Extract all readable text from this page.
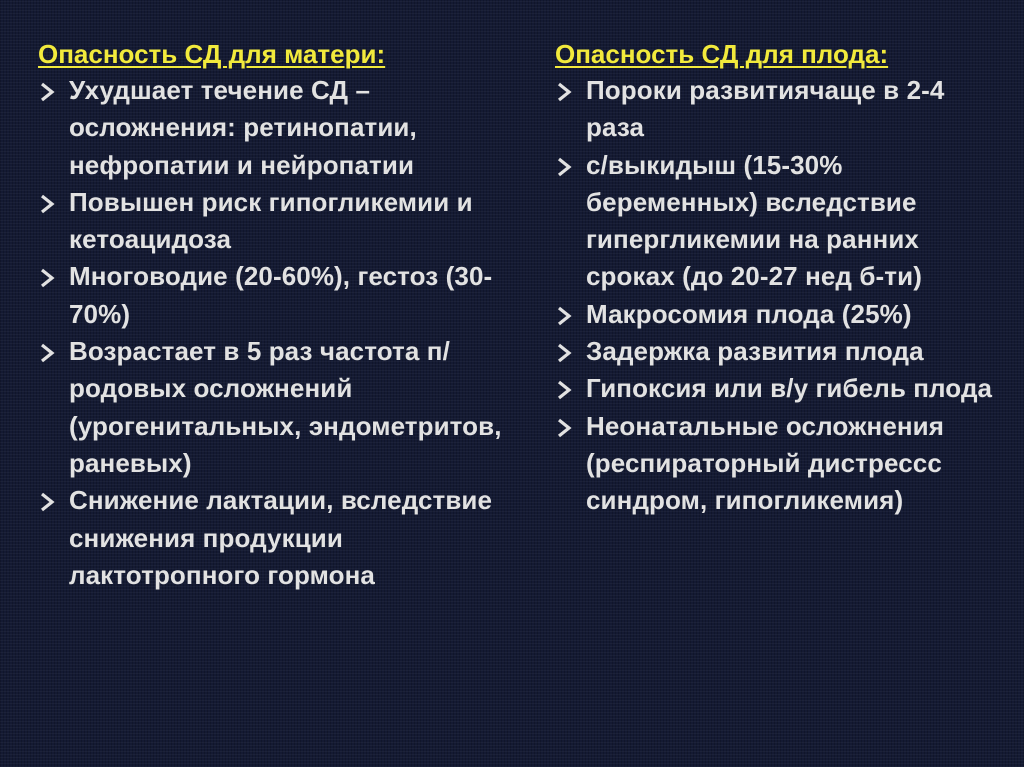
Опасность СД для матери:
Ухудшает течение СД – осложнения: ретинопатии, нефропатии и нейропатии
Повышен риск гипогликемии и кетоацидоза
Многоводие (20-60%), гестоз (30-70%)
Возрастает в 5 раз частота п/родовых осложнений (урогенитальных, эндометритов, раневых)
Снижение лактации, вследствие снижения продукции лактотропного гормона
Опасность СД для плода:
Пороки развитиячаще в 2-4 раза
с/выкидыш (15-30% беременных) вследствие гипергликемии на ранних сроках (до 20-27 нед б-ти)
Макросомия плода (25%)
Задержка развития плода
Гипоксия или в/у гибель плода
Неонатальные осложнения (респираторный дистресcс синдром, гипогликемия)
